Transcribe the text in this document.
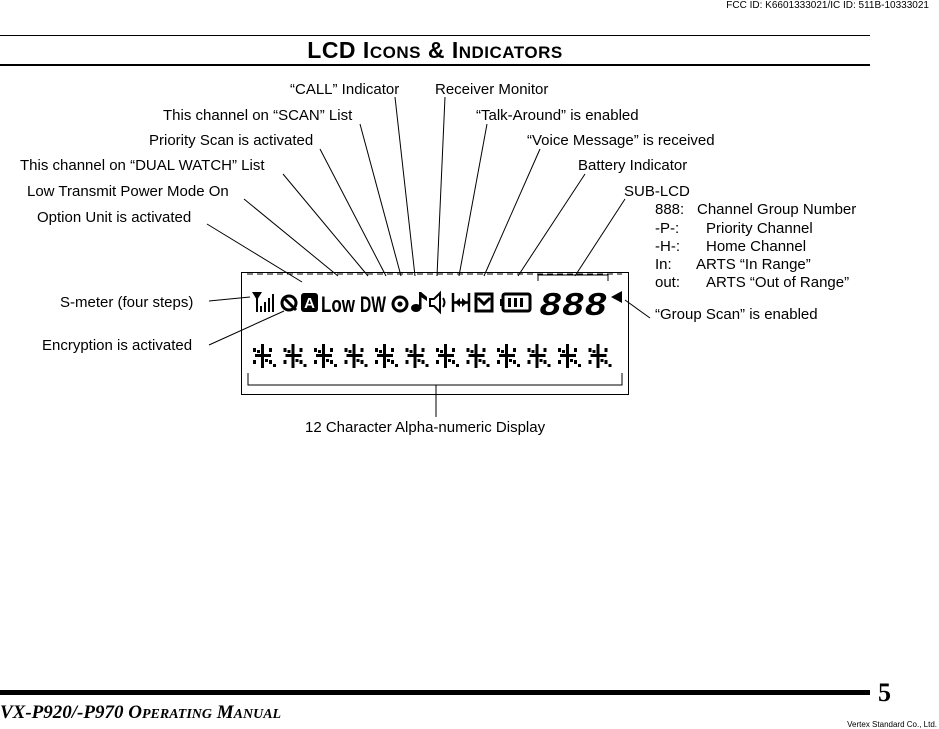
FCC ID: K6601333021/IC ID: 511B-10333021
LCD ICONS & INDICATORS
A Low DW	888
“CALL” Indicator Receiver Monitor
This channel on “SCAN” List	“Talk-Around” is enabled
Priority Scan is activated	“Voice Message” is received
This channel on “DUAL WATCH” List	Battery Indicator
Low Transmit Power Mode On	SUB-LCD
Option Unit is activated
S-meter (four steps)
Encryption is activated
“Group Scan” is enabled
12 Character Alpha-numeric Display
888: Channel Group Number
-P-: Priority Channel
-H-: Home Channel
In: ARTS “In Range”
out: ARTS “Out of Range”
5
VX-P920/-P970 OPERATING MANUAL
Vertex Standard Co., Ltd.
